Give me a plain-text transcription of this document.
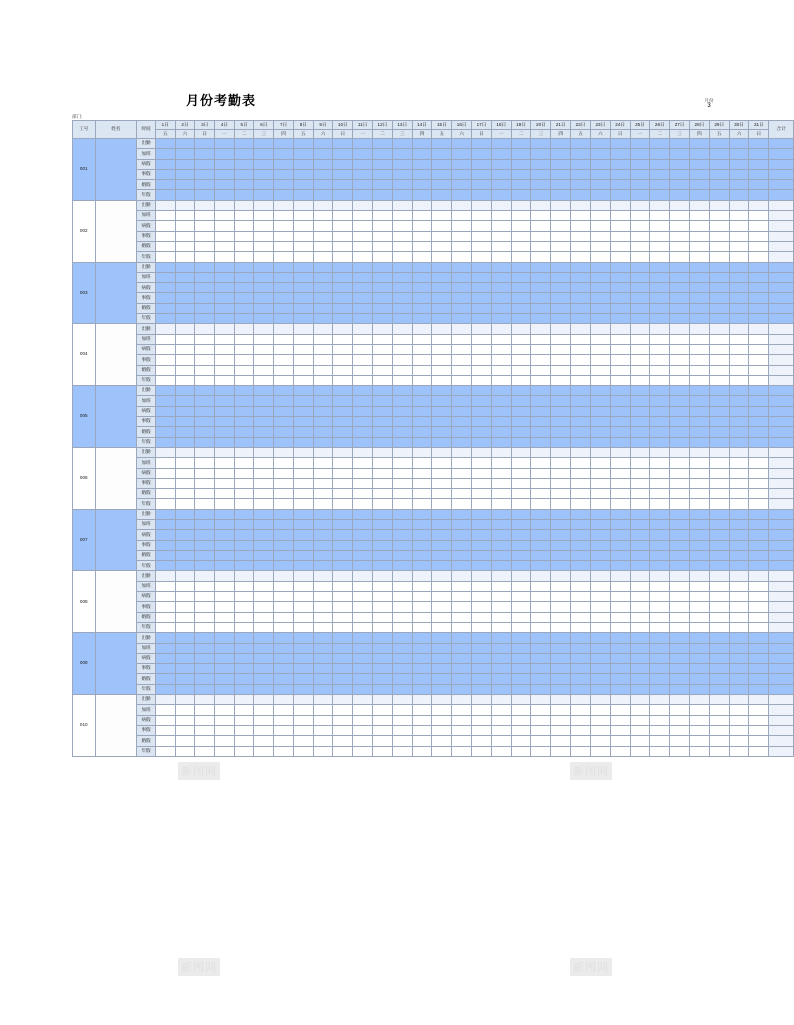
月份考勤表
部门:
月份
3
工号	姓名	时间	1日	2日	3日	4日	5日	6日	7日	8日	9日	10日	11日	12日	13日	14日	15日	16日	17日	18日	19日	20日	21日	22日	23日	24日	25日	26日	27日	28日	29日	30日	31日	合计
			五	六	日	一	二	三	四	五	六	日	一	二	三	四	五	六	日	一	二	三	四	五	六	日	一	二	三	四	五	六	日	
001		出勤																																
		加班																																
		病假																																
		事假																																
		婚假																																
		年假																																
002		出勤																																
		加班																																
		病假																																
		事假																																
		婚假																																
		年假																																
003		出勤																																
		加班																																
		病假																																
		事假																																
		婚假																																
		年假																																
004		出勤																																
		加班																																
		病假																																
		事假																																
		婚假																																
		年假																																
005		出勤																																
		加班																																
		病假																																
		事假																																
		婚假																																
		年假																																
006		出勤																																
		加班																																
		病假																																
		事假																																
		婚假																																
		年假																																
007		出勤																																
		加班																																
		病假																																
		事假																																
		婚假																																
		年假																																
008		出勤																																
		加班																																
		病假																																
		事假																																
		婚假																																
		年假																																
009		出勤																																
		加班																																
		病假																																
		事假																																
		婚假																																
		年假																																
010		出勤																																
		加班																																
		病假																																
		事假																																
		婚假																																
		年假																																
新图网	新图网
新图网	新图网
